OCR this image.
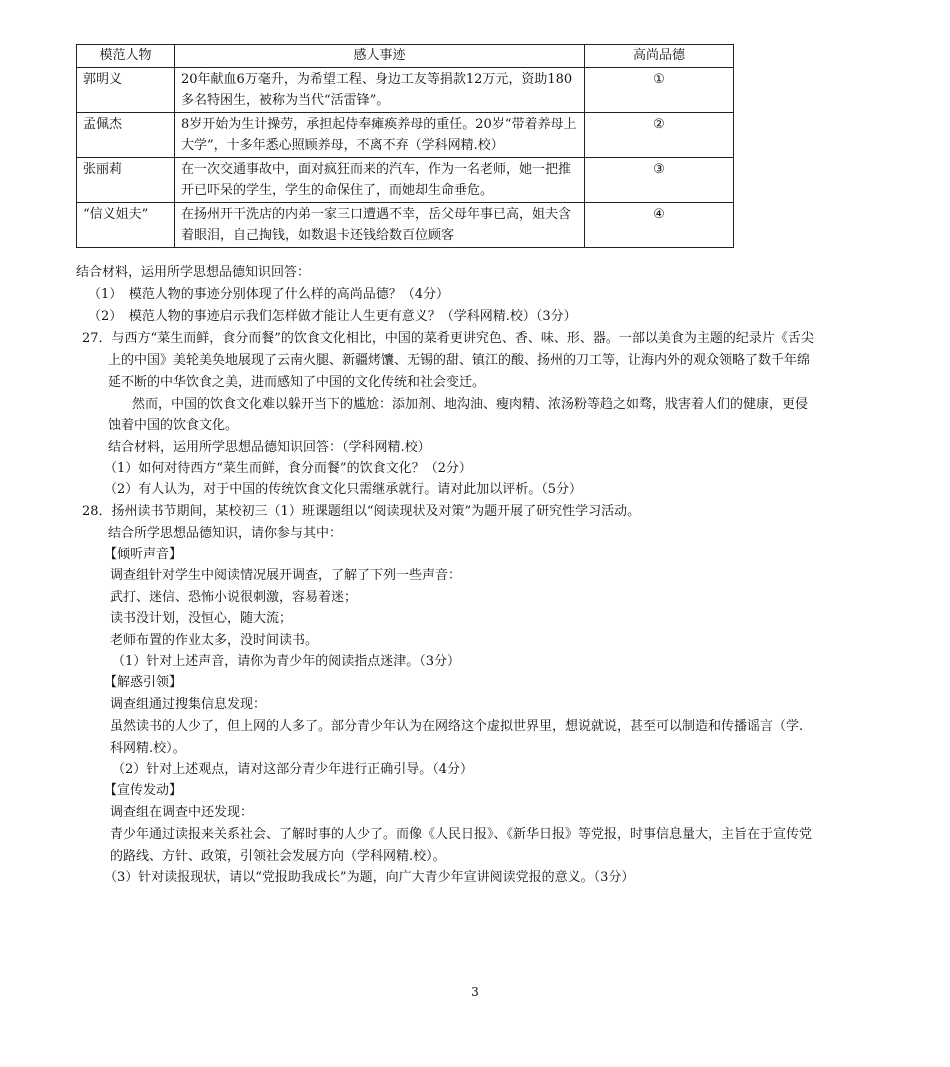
模范人物	感人事迹	高尚品德
郭明义	20年献血6万毫升，为希望工程、身边工友等捐款12万元，资助180多名特困生，被称为当代“活雷锋”。	①
孟佩杰	8岁开始为生计操劳，承担起侍奉瘫痪养母的重任。20岁“带着养母上大学”，十多年悉心照顾养母，不离不弃（学科网精.校）	②
张丽莉	在一次交通事故中，面对疯狂而来的汽车，作为一名老师，她一把推开已吓呆的学生，学生的命保住了，而她却生命垂危。	③
“信义姐夫”	在扬州开干洗店的内弟一家三口遭遇不幸，岳父母年事已高，姐夫含着眼泪，自己掏钱，如数退卡还钱给数百位顾客	④
结合材料，运用所学思想品德知识回答：
（1）　模范人物的事迹分别体现了什么样的高尚品德？（4分）
（2）　模范人物的事迹启示我们怎样做才能让人生更有意义？（学科网精.校）（3分）
27．与西方“菜生而鲜，食分而餐”的饮食文化相比，中国的菜肴更讲究色、香、味、形、器。一部以美食为主题的纪录片《舌尖
上的中国》美轮美奂地展现了云南火腿、新疆烤馕、无锡的甜、镇江的酸、扬州的刀工等，让海内外的观众领略了数千年绵
延不断的中华饮食之美，进而感知了中国的文化传统和社会变迁。
然而，中国的饮食文化难以躲开当下的尴尬：添加剂、地沟油、瘦肉精、浓汤粉等趋之如骛，戕害着人们的健康，更侵
蚀着中国的饮食文化。
结合材料，运用所学思想品德知识回答：（学科网精.校）
（1）如何对待西方“菜生而鲜，食分而餐”的饮食文化？（2分）
（2）有人认为，对于中国的传统饮食文化只需继承就行。请对此加以评析。（5分）
28．扬州读书节期间，某校初三（1）班课题组以“阅读现状及对策”为题开展了研究性学习活动。
结合所学思想品德知识，请你参与其中：
【倾听声音】
调查组针对学生中阅读情况展开调查，了解了下列一些声音：
武打、迷信、恐怖小说很刺激，容易着迷；
读书没计划，没恒心，随大流；
老师布置的作业太多，没时间读书。
（1）针对上述声音，请你为青少年的阅读指点迷津。（3分）
【解惑引领】
调查组通过搜集信息发现：
虽然读书的人少了，但上网的人多了。部分青少年认为在网络这个虚拟世界里，想说就说，甚至可以制造和传播谣言（学.
科网精.校）。
（2）针对上述观点，请对这部分青少年进行正确引导。（4分）
【宣传发动】
调查组在调查中还发现：
青少年通过读报来关系社会、了解时事的人少了。而像《人民日报》、《新华日报》等党报，时事信息量大，主旨在于宣传党
的路线、方针、政策，引领社会发展方向（学科网精.校）。
（3）针对读报现状，请以“党报助我成长”为题，向广大青少年宣讲阅读党报的意义。（3分）
3
